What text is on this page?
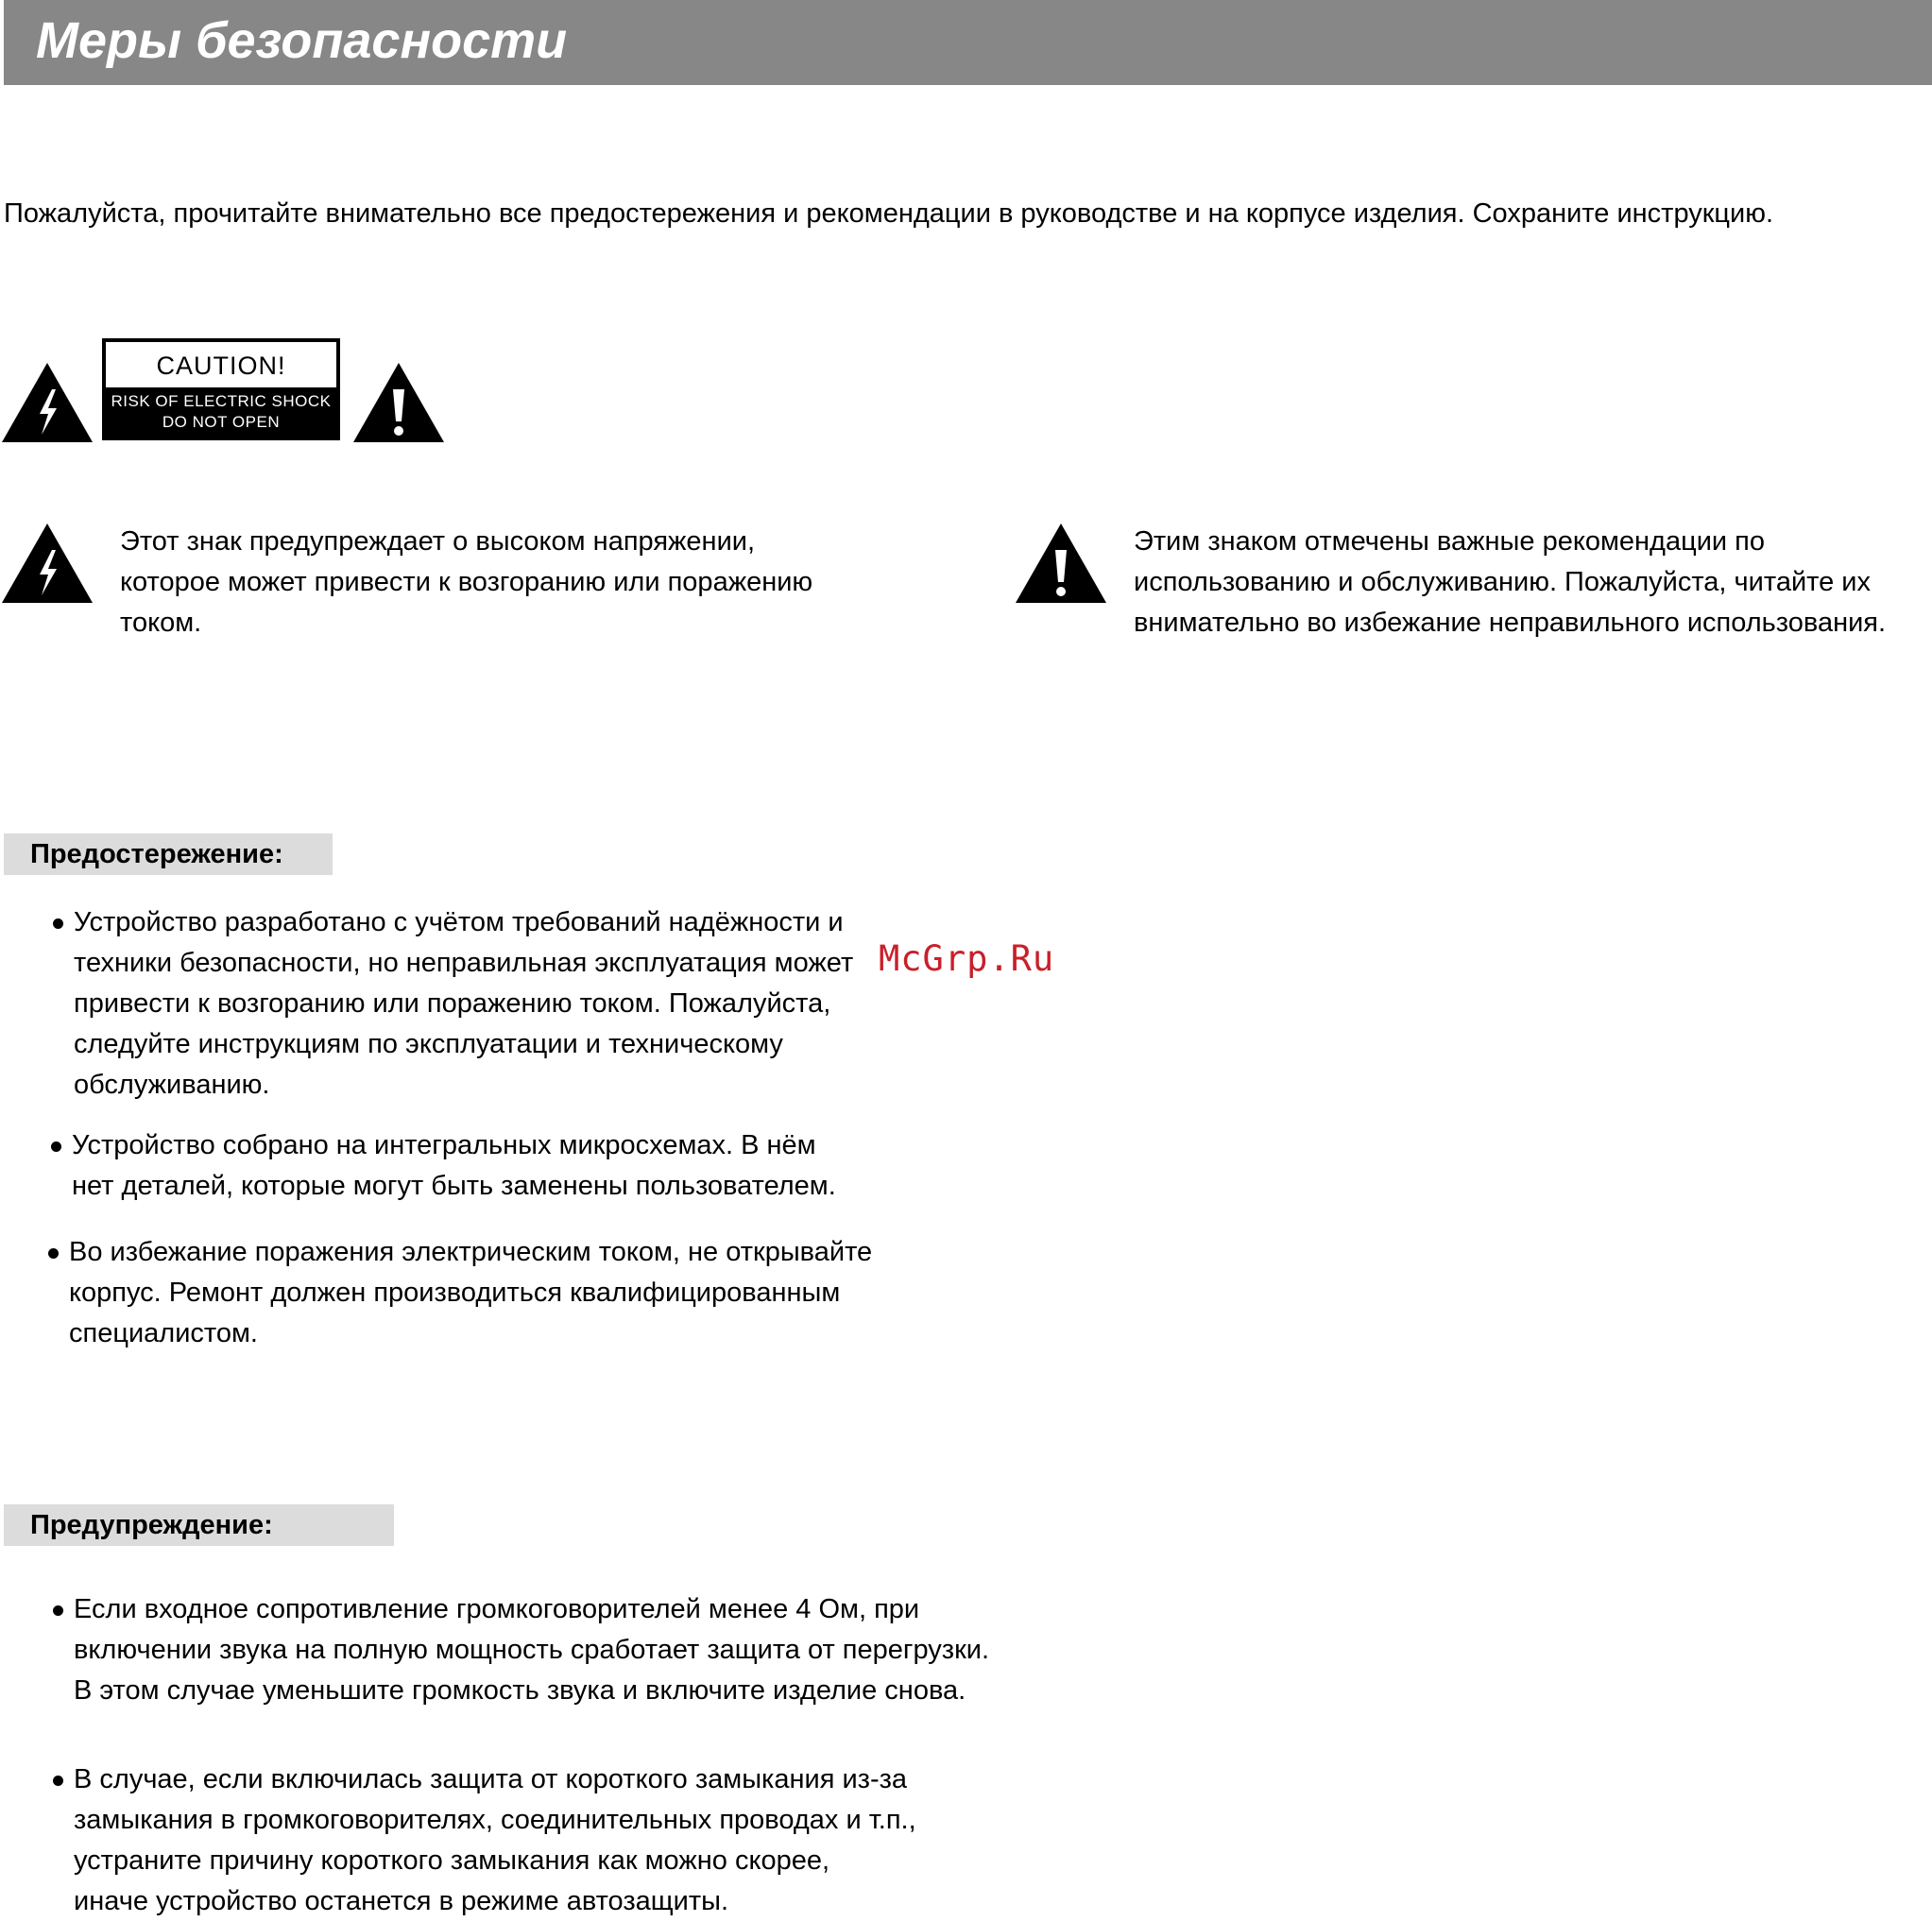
Меры безопасности
Пожалуйста, прочитайте внимательно все предостережения и рекомендации в руководстве и на корпусе изделия. Сохраните инструкцию.
CAUTION!
RISK OF ELECTRIC SHOCK
DO NOT OPEN
Этот знак предупреждает о высоком напряжении,
которое может привести к возгоранию или поражению
током.
Этим знаком отмечены важные рекомендации по
использованию и обслуживанию. Пожалуйста, читайте их
внимательно во избежание неправильного использования.
Предостережение:
Устройство разработано с учётом требований надёжности и
техники безопасности, но неправильная эксплуатация может
привести к возгоранию или поражению током. Пожалуйста,
следуйте инструкциям по эксплуатации и техническому
обслуживанию.
Устройство собрано на интегральных микросхемах. В нём
нет деталей, которые могут быть заменены пользователем.
Во избежание поражения электрическим током, не открывайте
корпус. Ремонт должен производиться квалифицированным
специалистом.
Предупреждение:
Если входное сопротивление громкоговорителей менее 4 Ом, при
включении звука на полную мощность сработает защита от перегрузки.
В этом случае уменьшите громкость звука и включите изделие снова.
В случае, если включилась защита от короткого замыкания из-за
замыкания в громкоговорителях, соединительных проводах и т.п.,
устраните причину короткого замыкания как можно скорее,
иначе устройство останется в режиме автозащиты.
McGrp.Ru
